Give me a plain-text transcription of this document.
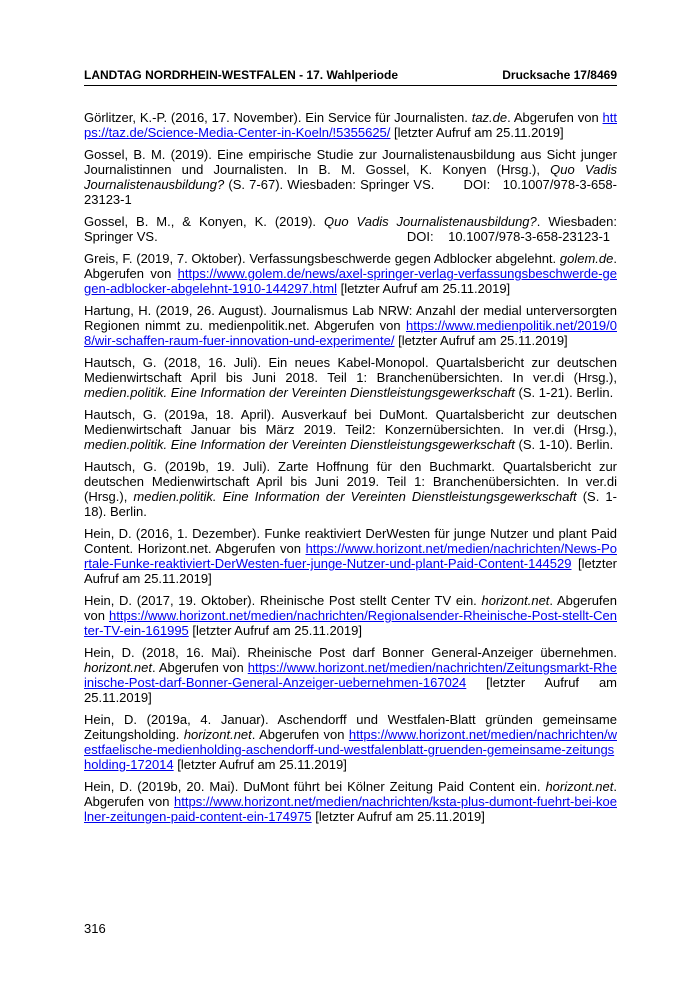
LANDTAG NORDRHEIN-WESTFALEN - 17. Wahlperiode	Drucksache 17/8469

Görlitzer, K.-P. (2016, 17. November). Ein Service für Journalisten. taz.de. Abgerufen von https://taz.de/Science-Media-Center-in-Koeln/!5355625/ [letzter Aufruf am 25.11.2019]

Gossel, B. M. (2019). Eine empirische Studie zur Journalistenausbildung aus Sicht junger Journalistinnen und Journalisten. In B. M. Gossel, K. Konyen (Hrsg.), Quo Vadis Journalistenausbildung? (S. 7-67). Wiesbaden: Springer VS.       DOI:   10.1007/978-3-658-23123-1

Gossel, B. M., & Konyen, K. (2019). Quo Vadis Journalistenausbildung?. Wiesbaden: Springer VS.                                                                     DOI:    10.1007/978-3-658-23123-1

Greis, F. (2019, 7. Oktober). Verfassungsbeschwerde gegen Adblocker abgelehnt. golem.de. Abgerufen von https://www.golem.de/news/axel-springer-verlag-verfassungsbeschwerde-gegen-adblocker-abgelehnt-1910-144297.html [letzter Aufruf am 25.11.2019]

Hartung, H. (2019, 26. August). Journalismus Lab NRW: Anzahl der medial unterversorgten Regionen nimmt zu. medienpolitik.net. Abgerufen von https://www.medienpolitik.net/2019/08/wir-schaffen-raum-fuer-innovation-und-experimente/ [letzter Aufruf am 25.11.2019]

Hautsch, G. (2018, 16. Juli). Ein neues Kabel-Monopol. Quartalsbericht zur deutschen Medienwirtschaft April bis Juni 2018. Teil 1: Branchenübersichten. In ver.di (Hrsg.), medien.politik. Eine Information der Vereinten Dienstleistungsgewerkschaft (S. 1-21). Berlin.

Hautsch, G. (2019a, 18. April). Ausverkauf bei DuMont. Quartalsbericht zur deutschen Medienwirtschaft Januar bis März 2019. Teil2: Konzernübersichten. In ver.di (Hrsg.), medien.politik. Eine Information der Vereinten Dienstleistungsgewerkschaft (S. 1-10). Berlin.

Hautsch, G. (2019b, 19. Juli). Zarte Hoffnung für den Buchmarkt. Quartalsbericht zur deutschen Medienwirtschaft April bis Juni 2019. Teil 1: Branchenübersichten. In ver.di (Hrsg.), medien.politik. Eine Information der Vereinten Dienstleistungsgewerkschaft (S. 1-18). Berlin.

Hein, D. (2016, 1. Dezember). Funke reaktiviert DerWesten für junge Nutzer und plant Paid Content. Horizont.net. Abgerufen von https://www.horizont.net/medien/nachrichten/News-Portale-Funke-reaktiviert-DerWesten-fuer-junge-Nutzer-und-plant-Paid-Content-144529 [letzter Aufruf am 25.11.2019]

Hein, D. (2017, 19. Oktober). Rheinische Post stellt Center TV ein. horizont.net. Abgerufen von https://www.horizont.net/medien/nachrichten/Regionalsender-Rheinische-Post-stellt-Center-TV-ein-161995 [letzter Aufruf am 25.11.2019]

Hein, D. (2018, 16. Mai). Rheinische Post darf Bonner General-Anzeiger übernehmen. horizont.net. Abgerufen von https://www.horizont.net/medien/nachrichten/Zeitungsmarkt-Rheinische-Post-darf-Bonner-General-Anzeiger-uebernehmen-167024 [letzter Aufruf am 25.11.2019]

Hein, D. (2019a, 4. Januar). Aschendorff und Westfalen-Blatt gründen gemeinsame Zeitungsholding. horizont.net. Abgerufen von https://www.horizont.net/medien/nachrichten/westfaelische-medienholding-aschendorff-und-westfalenblatt-gruenden-gemeinsame-zeitungsholding-172014 [letzter Aufruf am 25.11.2019]

Hein, D. (2019b, 20. Mai). DuMont führt bei Kölner Zeitung Paid Content ein. horizont.net. Abgerufen von https://www.horizont.net/medien/nachrichten/ksta-plus-dumont-fuehrt-bei-koelner-zeitungen-paid-content-ein-174975 [letzter Aufruf am 25.11.2019]

316
